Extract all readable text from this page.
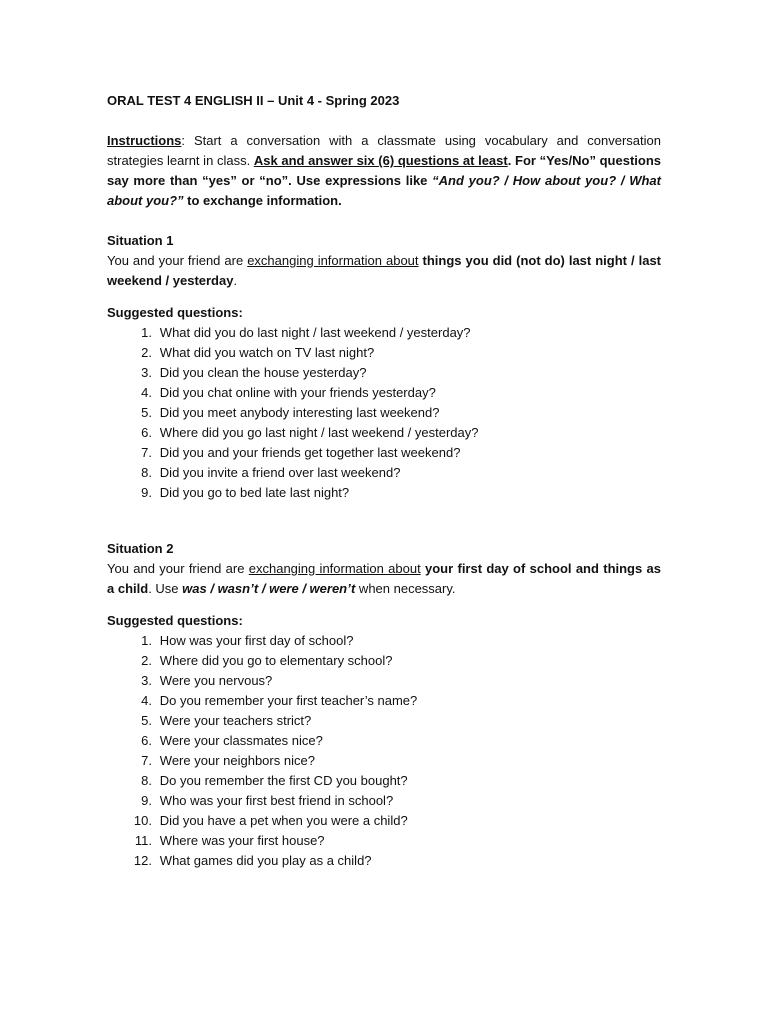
ORAL TEST 4 ENGLISH II – Unit 4 - Spring 2023

Instructions: Start a conversation with a classmate using vocabulary and conversation strategies learnt in class. Ask and answer six (6) questions at least. For “Yes/No” questions say more than “yes” or “no”. Use expressions like “And you? / How about you? / What about you?” to exchange information.

Situation 1

You and your friend are exchanging information about things you did (not do) last night / last weekend / yesterday.

Suggested questions:

1. What did you do last night / last weekend / yesterday?
2. What did you watch on TV last night?
3. Did you clean the house yesterday?
4. Did you chat online with your friends yesterday?
5. Did you meet anybody interesting last weekend?
6. Where did you go last night / last weekend / yesterday?
7. Did you and your friends get together last weekend?
8. Did you invite a friend over last weekend?
9. Did you go to bed late last night?

Situation 2

You and your friend are exchanging information about your first day of school and things as a child. Use was / wasn’t / were / weren’t when necessary.

Suggested questions:

1. How was your first day of school?
2. Where did you go to elementary school?
3. Were you nervous?
4. Do you remember your first teacher’s name?
5. Were your teachers strict?
6. Were your classmates nice?
7. Were your neighbors nice?
8. Do you remember the first CD you bought?
9. Who was your first best friend in school?
10. Did you have a pet when you were a child?
11. Where was your first house?
12. What games did you play as a child?
